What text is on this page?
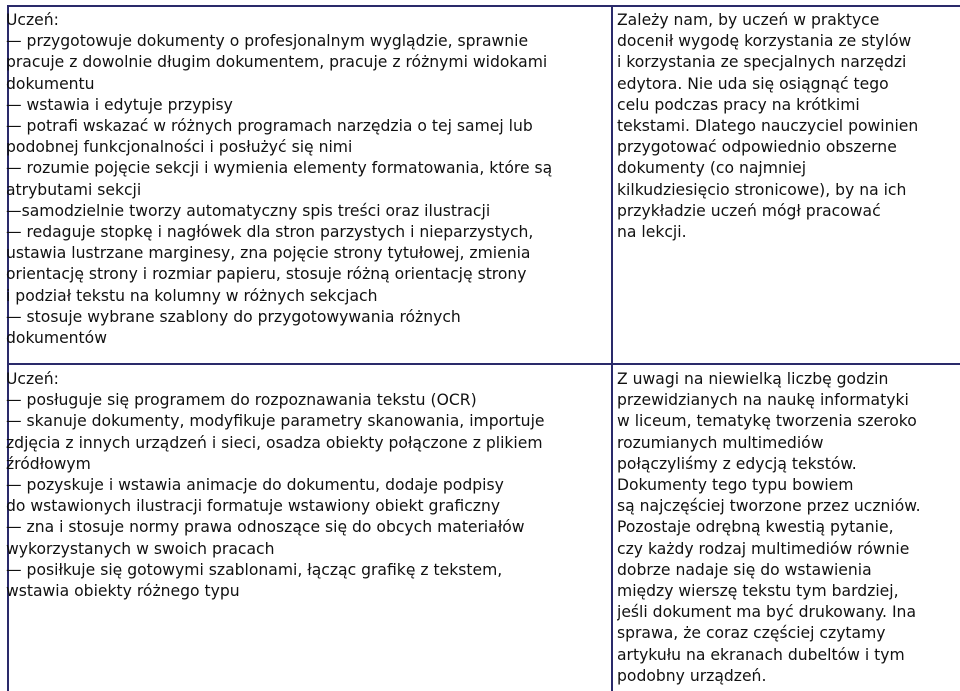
Uczeń:
— przygotowuje dokumenty o profesjonalnym wyglądzie, sprawnie
pracuje z dowolnie długim dokumentem, pracuje z różnymi widokami
dokumentu
— wstawia i edytuje przypisy
— potrafi wskazać w różnych programach narzędzia o tej samej lub
podobnej funkcjonalności i posłużyć się nimi
— rozumie pojęcie sekcji i wymienia elementy formatowania, które są
atrybutami sekcji
—samodzielnie tworzy automatyczny spis treści oraz ilustracji
— redaguje stopkę i nagłówek dla stron parzystych i nieparzystych,
ustawia lustrzane marginesy, zna pojęcie strony tytułowej, zmienia
orientację strony i rozmiar papieru, stosuje różną orientację strony
i podział tekstu na kolumny w różnych sekcjach
— stosuje wybrane szablony do przygotowywania różnych
dokumentów
Zależy nam, by uczeń w praktyce
docenił wygodę korzystania ze stylów
i korzystania ze specjalnych narzędzi
edytora. Nie uda się osiągnąć tego
celu podczas pracy na krótkimi
tekstami. Dlatego nauczyciel powinien
przygotować odpowiednio obszerne
dokumenty (co najmniej
kilkudziesięcio stronicowe), by na ich
przykładzie uczeń mógł pracować
na lekcji.
Uczeń:
— posługuje się programem do rozpoznawania tekstu (OCR)
— skanuje dokumenty, modyfikuje parametry skanowania, importuje
zdjęcia z innych urządzeń i sieci, osadza obiekty połączone z plikiem
źródłowym
— pozyskuje i wstawia animacje do dokumentu, dodaje podpisy
do wstawionych ilustracji formatuje wstawiony obiekt graficzny
— zna i stosuje normy prawa odnoszące się do obcych materiałów
wykorzystanych w swoich pracach
— posiłkuje się gotowymi szablonami, łącząc grafikę z tekstem,
wstawia obiekty różnego typu
Z uwagi na niewielką liczbę godzin
przewidzianych na naukę informatyki
w liceum, tematykę tworzenia szeroko
rozumianych multimediów
połączyliśmy z edycją tekstów.
Dokumenty tego typu bowiem
są najczęściej tworzone przez uczniów.
Pozostaje odrębną kwestią pytanie,
czy każdy rodzaj multimediów równie
dobrze nadaje się do wstawienia
między wierszę tekstu tym bardziej,
jeśli dokument ma być drukowany. Ina
sprawa, że coraz częściej czytamy
artykułu na ekranach dubeltów i tym
podobny urządzeń.
